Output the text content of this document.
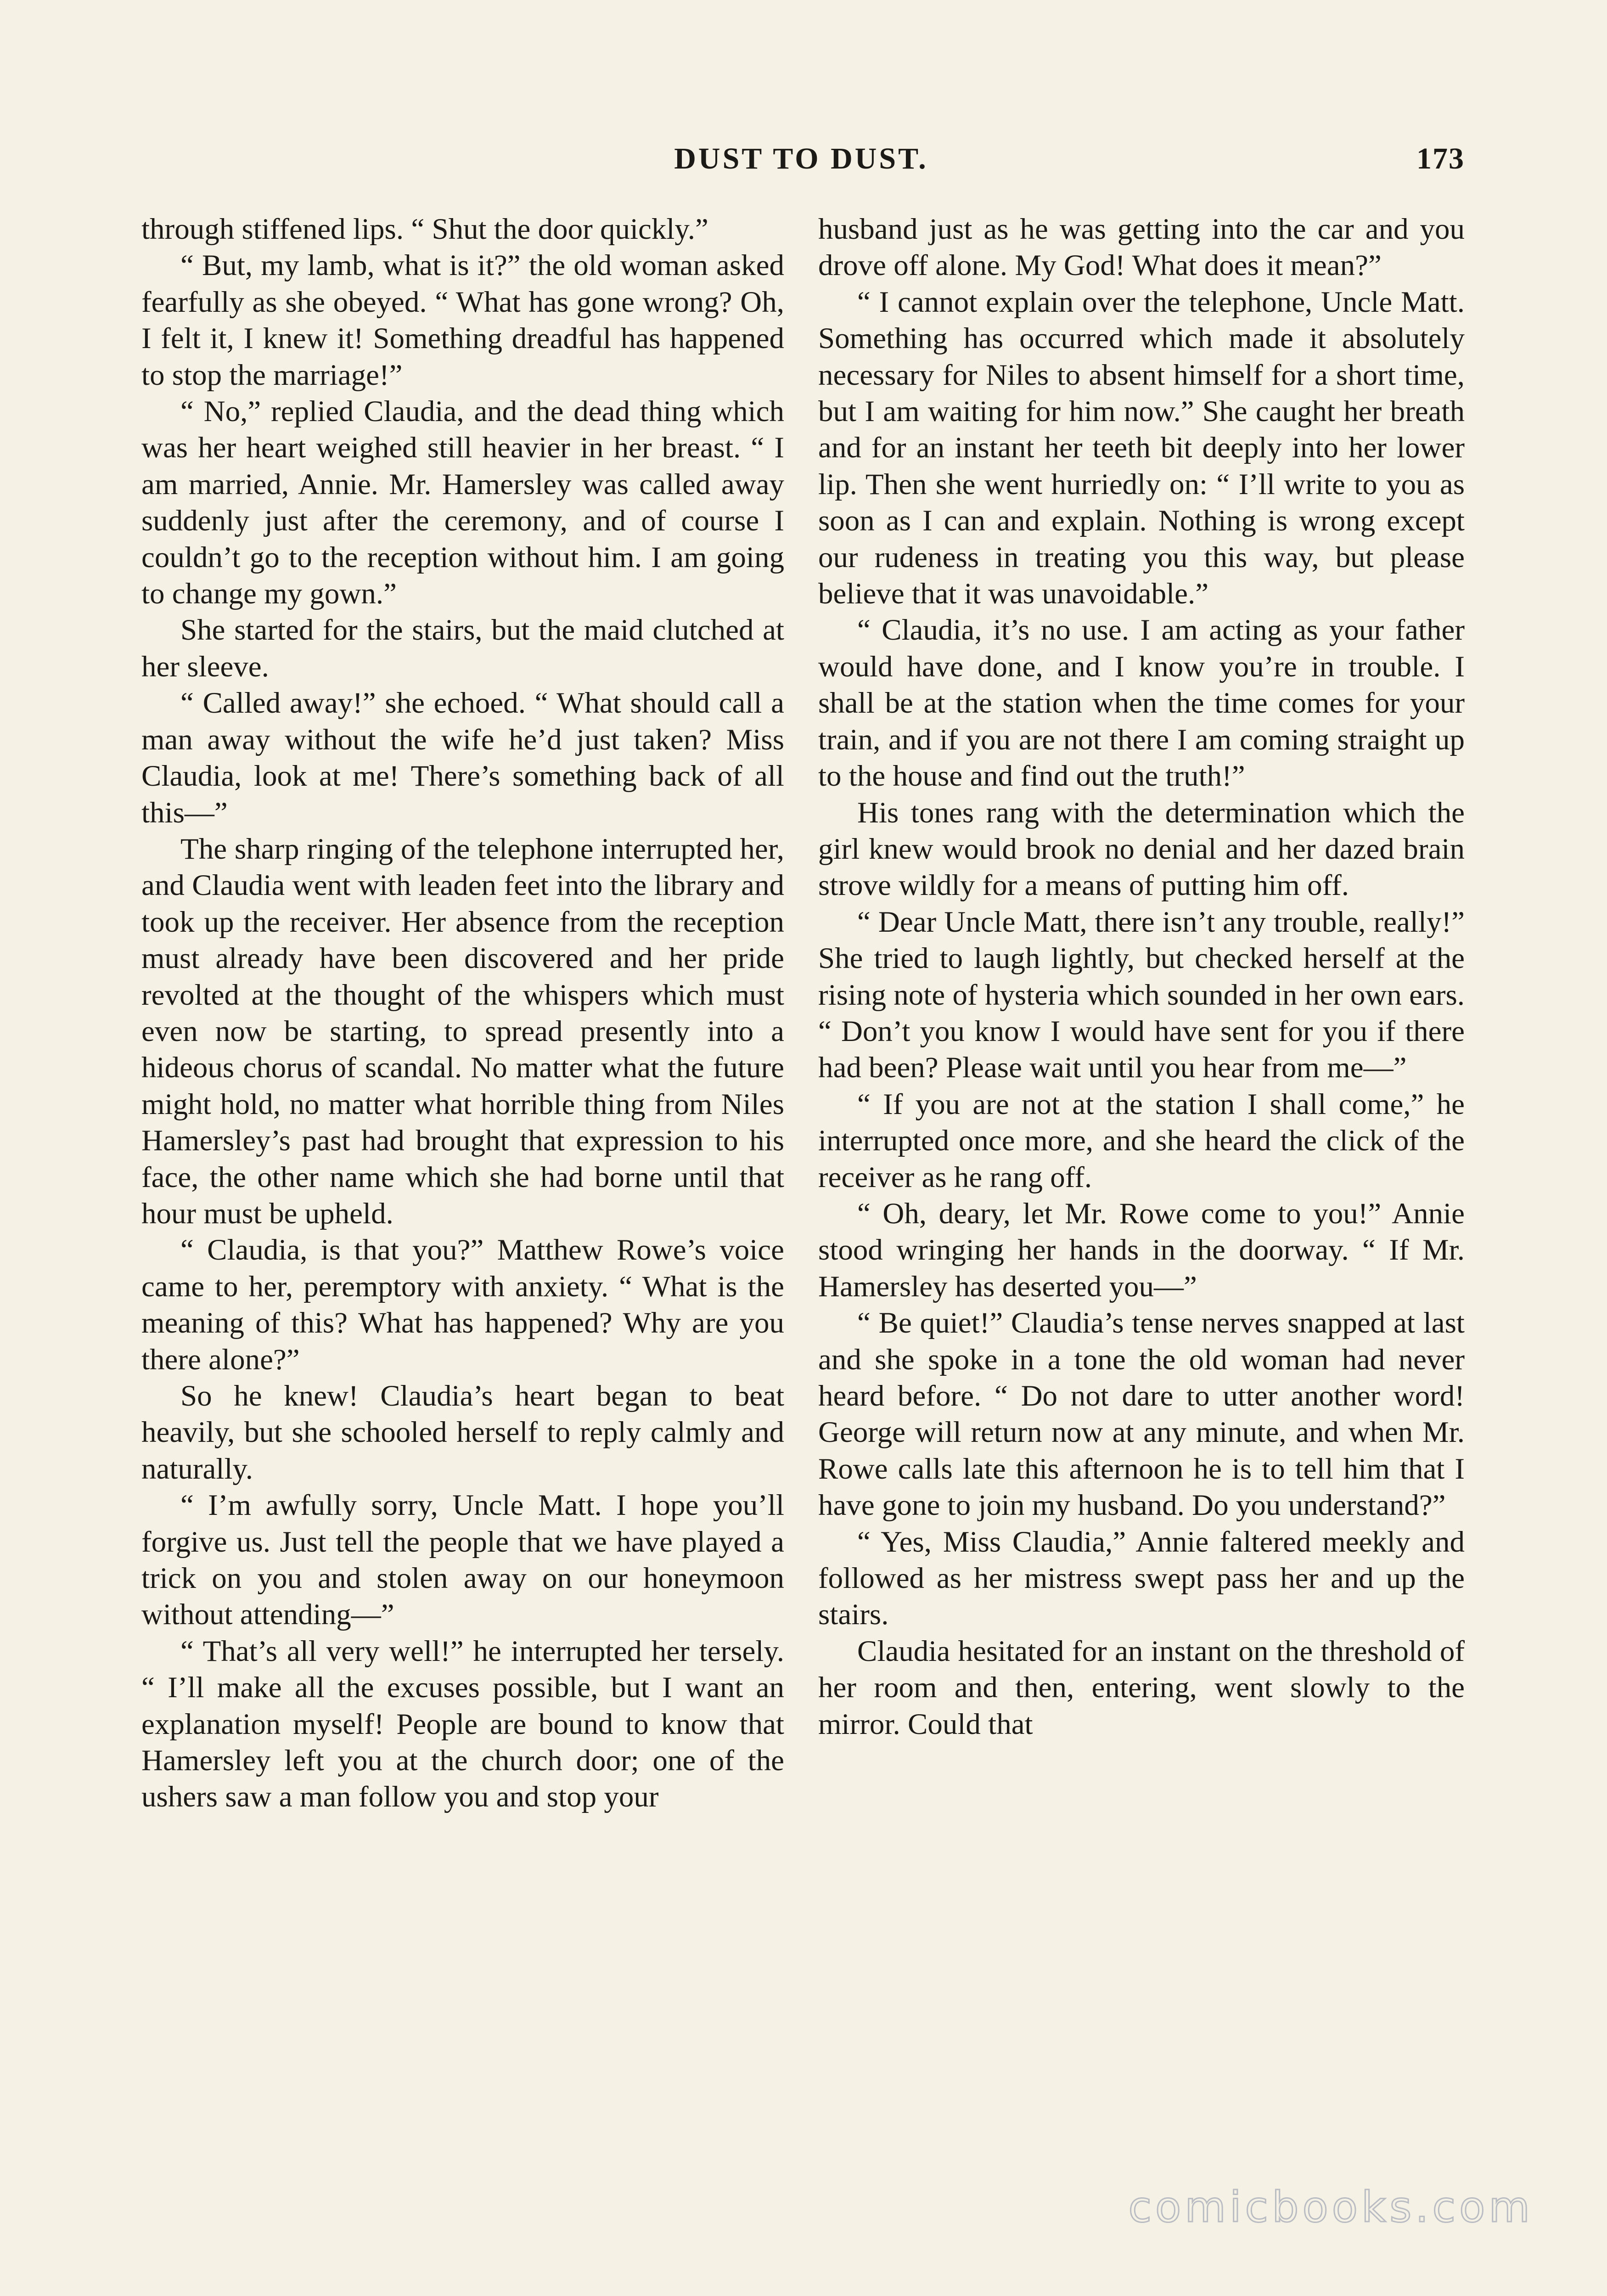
DUST TO DUST.	173

through stiffened lips. “ Shut the door quickly.”

“ But, my lamb, what is it?” the old woman asked fearfully as she obeyed. “ What has gone wrong? Oh, I felt it, I knew it! Something dreadful has happened to stop the marriage!”

“ No,” replied Claudia, and the dead thing which was her heart weighed still heavier in her breast. “ I am married, Annie. Mr. Hamersley was called away suddenly just after the ceremony, and of course I couldn’t go to the reception without him. I am going to change my gown.”

She started for the stairs, but the maid clutched at her sleeve.

“ Called away!” she echoed. “ What should call a man away without the wife he’d just taken? Miss Claudia, look at me! There’s something back of all this—”

The sharp ringing of the telephone interrupted her, and Claudia went with leaden feet into the library and took up the receiver. Her absence from the reception must already have been discovered and her pride revolted at the thought of the whispers which must even now be starting, to spread presently into a hideous chorus of scandal. No matter what the future might hold, no matter what horrible thing from Niles Hamersley’s past had brought that expression to his face, the other name which she had borne until that hour must be upheld.

“ Claudia, is that you?” Matthew Rowe’s voice came to her, peremptory with anxiety. “ What is the meaning of this? What has happened? Why are you there alone?”

So he knew! Claudia’s heart began to beat heavily, but she schooled herself to reply calmly and naturally.

“ I’m awfully sorry, Uncle Matt. I hope you’ll forgive us. Just tell the people that we have played a trick on you and stolen away on our honeymoon without attending—”

“ That’s all very well!” he interrupted her tersely. “ I’ll make all the excuses possible, but I want an explanation myself! People are bound to know that Hamersley left you at the church door; one of the ushers saw a man follow you and stop your

husband just as he was getting into the car and you drove off alone. My God! What does it mean?”

“ I cannot explain over the telephone, Uncle Matt. Something has occurred which made it absolutely necessary for Niles to absent himself for a short time, but I am waiting for him now.” She caught her breath and for an instant her teeth bit deeply into her lower lip. Then she went hurriedly on: “ I’ll write to you as soon as I can and explain. Nothing is wrong except our rudeness in treating you this way, but please believe that it was unavoidable.”

“ Claudia, it’s no use. I am acting as your father would have done, and I know you’re in trouble. I shall be at the station when the time comes for your train, and if you are not there I am coming straight up to the house and find out the truth!”

His tones rang with the determination which the girl knew would brook no denial and her dazed brain strove wildly for a means of putting him off.

“ Dear Uncle Matt, there isn’t any trouble, really!” She tried to laugh lightly, but checked herself at the rising note of hysteria which sounded in her own ears. “ Don’t you know I would have sent for you if there had been? Please wait until you hear from me—”

“ If you are not at the station I shall come,” he interrupted once more, and she heard the click of the receiver as he rang off.

“ Oh, deary, let Mr. Rowe come to you!” Annie stood wringing her hands in the doorway. “ If Mr. Hamersley has deserted you—”

“ Be quiet!” Claudia’s tense nerves snapped at last and she spoke in a tone the old woman had never heard before. “ Do not dare to utter another word! George will return now at any minute, and when Mr. Rowe calls late this afternoon he is to tell him that I have gone to join my husband. Do you understand?”

“ Yes, Miss Claudia,” Annie faltered meekly and followed as her mistress swept pass her and up the stairs.

Claudia hesitated for an instant on the threshold of her room and then, entering, went slowly to the mirror. Could that

comicbooks.com
